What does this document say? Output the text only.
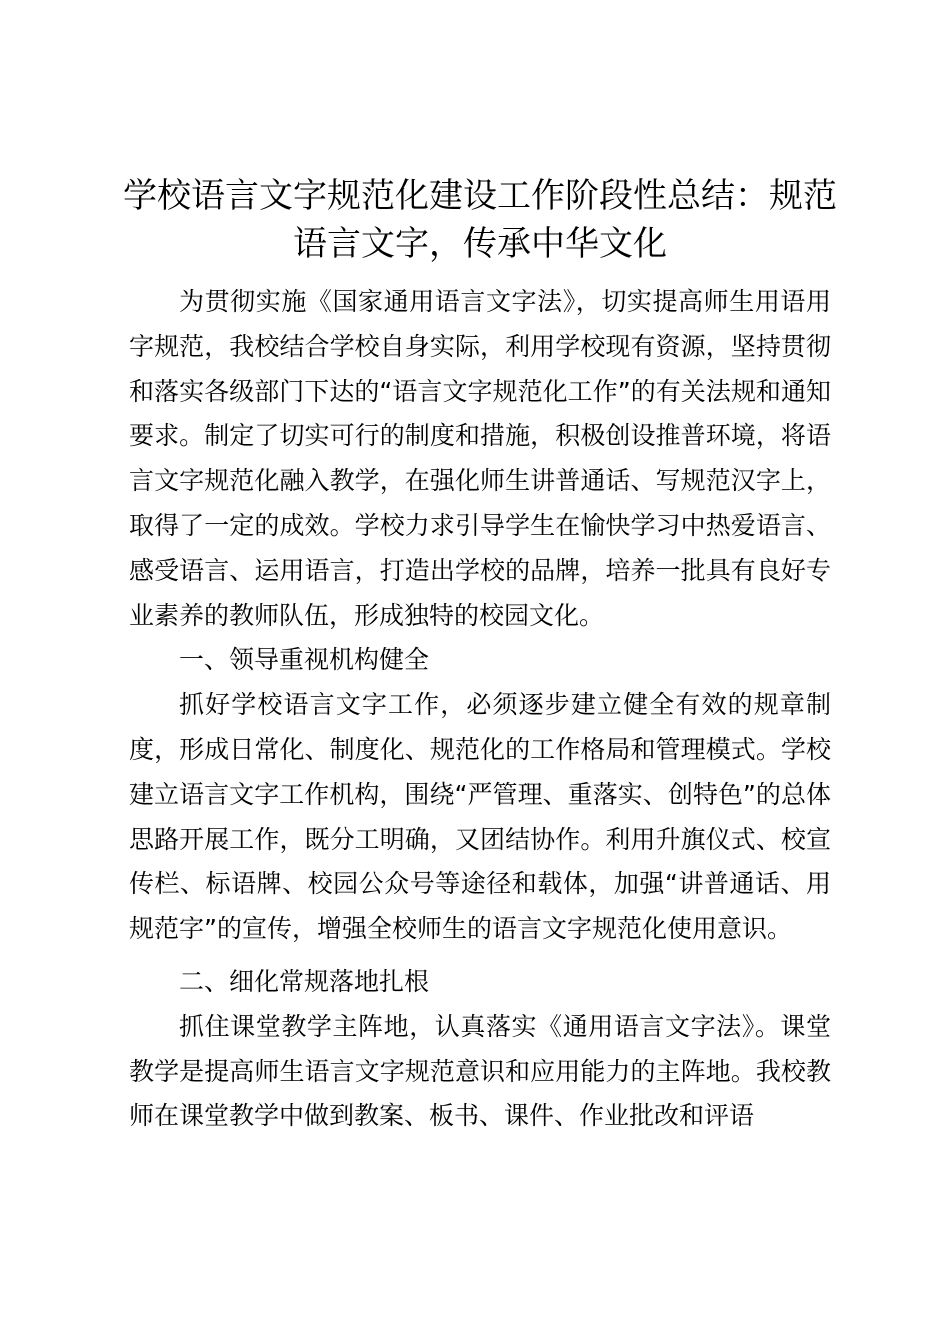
学校语言文字规范化建设工作阶段性总结：规范语言文字，传承中华文化

为贯彻实施《国家通用语言文字法》，切实提高师生用语用字规范，我校结合学校自身实际，利用学校现有资源，坚持贯彻和落实各级部门下达的“语言文字规范化工作”的有关法规和通知要求。制定了切实可行的制度和措施，积极创设推普环境，将语言文字规范化融入教学，在强化师生讲普通话、写规范汉字上，取得了一定的成效。学校力求引导学生在愉快学习中热爱语言、感受语言、运用语言，打造出学校的品牌，培养一批具有良好专业素养的教师队伍，形成独特的校园文化。

一、领导重视机构健全

抓好学校语言文字工作，必须逐步建立健全有效的规章制度，形成日常化、制度化、规范化的工作格局和管理模式。学校建立语言文字工作机构，围绕“严管理、重落实、创特色”的总体思路开展工作，既分工明确，又团结协作。利用升旗仪式、校宣传栏、标语牌、校园公众号等途径和载体，加强“讲普通话、用规范字”的宣传，增强全校师生的语言文字规范化使用意识。

二、细化常规落地扎根

抓住课堂教学主阵地，认真落实《通用语言文字法》。课堂教学是提高师生语言文字规范意识和应用能力的主阵地。我校教师在课堂教学中做到教案、板书、课件、作业批改和评语
